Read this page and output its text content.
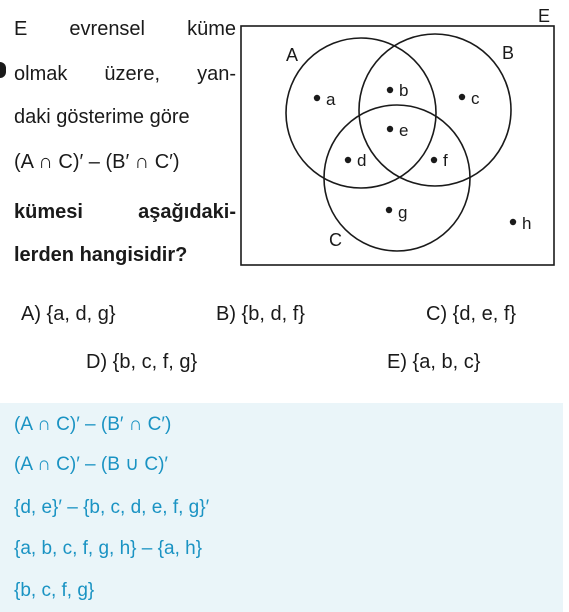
E evrensel küme
olmak üzere, yan-
daki gösterime göre
(A ∩ C)′ – (B′ ∩ C′)
kümesi	aşağıdaki-
lerden hangisidir?
E
A	B
C
a	b	c
d
e
f
g
h
A) {a, d, g}	B) {b, d, f}	C) {d, e, f}
D) {b, c, f, g}	E) {a, b, c}
(A ∩ C)′ – (B′ ∩ C′)
(A ∩ C)′ – (B ∪ C)′
{d, e}′ – {b, c, d, e, f, g}′
{a, b, c, f, g, h} – {a, h}
{b, c, f, g}
